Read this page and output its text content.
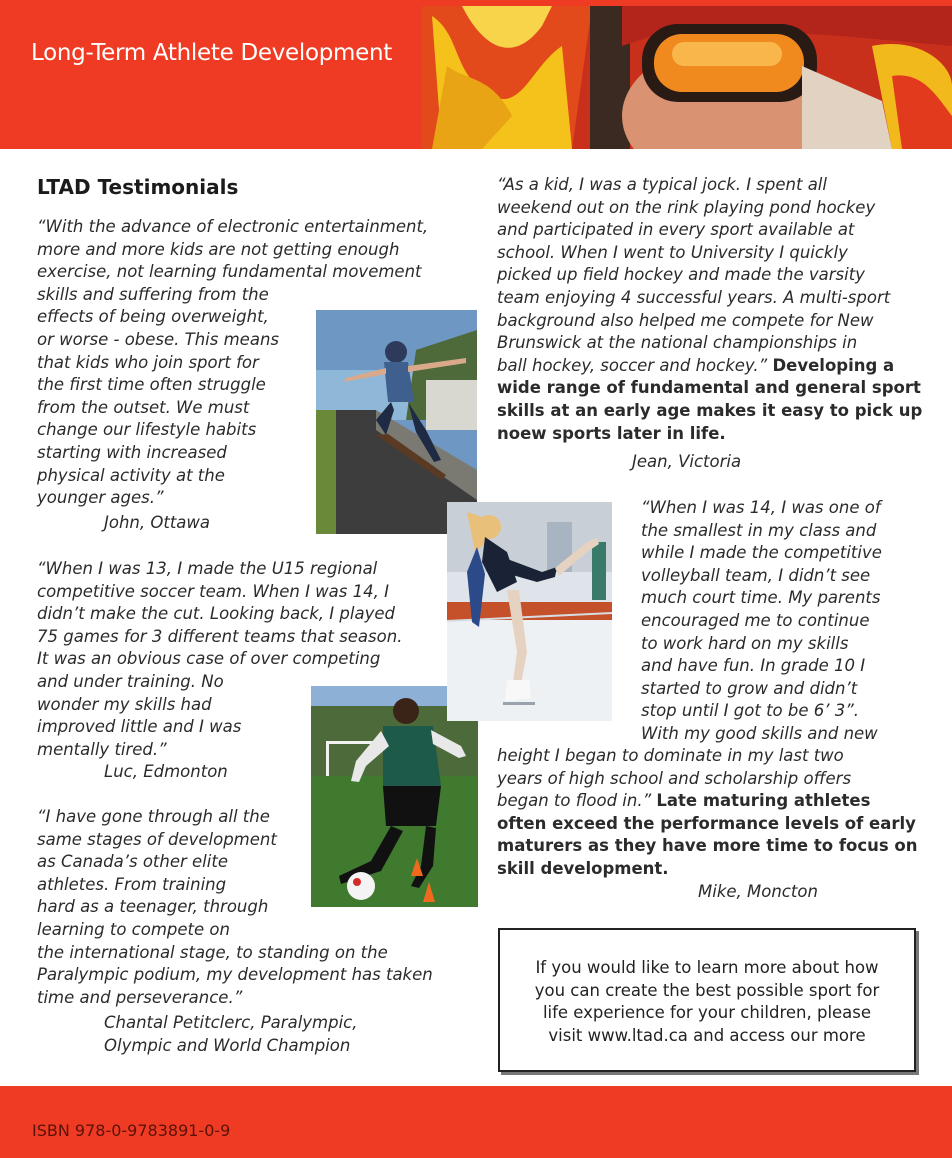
Long-Term Athlete Development
LTAD Testimonials
“With the advance of electronic entertainment,
more and more kids are not getting enough
exercise, not learning fundamental movement
skills and suffering from the
effects of being overweight,
or worse - obese. This means
that kids who join sport for
the first time often struggle
from the outset. We must
change our lifestyle habits
starting with increased
physical activity at the
younger ages.”
John, Ottawa
“When I was 13, I made the U15 regional
competitive soccer team. When I was 14, I
didn’t make the cut. Looking back, I played
75 games for 3 different teams that season.
It was an obvious case of over competing
and under training. No
wonder my skills had
improved little and I was
mentally tired.”
Luc, Edmonton
“I have gone through all the
same stages of development
as Canada’s other elite
athletes. From training
hard as a teenager, through
learning to compete on
the international stage, to standing on the
Paralympic podium, my development has taken
time and perseverance.”
Chantal Petitclerc, Paralympic,
Olympic and World Champion
“As a kid, I was a typical jock. I spent all
weekend out on the rink playing pond hockey
and participated in every sport available at
school. When I went to University I quickly
picked up field hockey and made the varsity
team enjoying 4 successful years. A multi-sport
background also helped me compete for New
Brunswick at the national championships in
ball hockey, soccer and hockey.” Developing a
wide range of fundamental and general sport
skills at an early age makes it easy to pick up
noew sports later in life.
Jean, Victoria
“When I was 14, I was one of
the smallest in my class and
while I made the competitive
volleyball team, I didn’t see
much court time. My parents
encouraged me to continue
to work hard on my skills
and have fun. In grade 10 I
started to grow and didn’t
stop until I got to be 6’ 3”.
With my good skills and new
height I began to dominate in my last two
years of high school and scholarship offers
began to flood in.” Late maturing athletes
often exceed the performance levels of early
maturers as they have more time to focus on
skill development.
Mike, Moncton
If you would like to learn more about how
you can create the best possible sport for
life experience for your children, please
visit www.ltad.ca and access our more
ISBN 978-0-9783891-0-9
